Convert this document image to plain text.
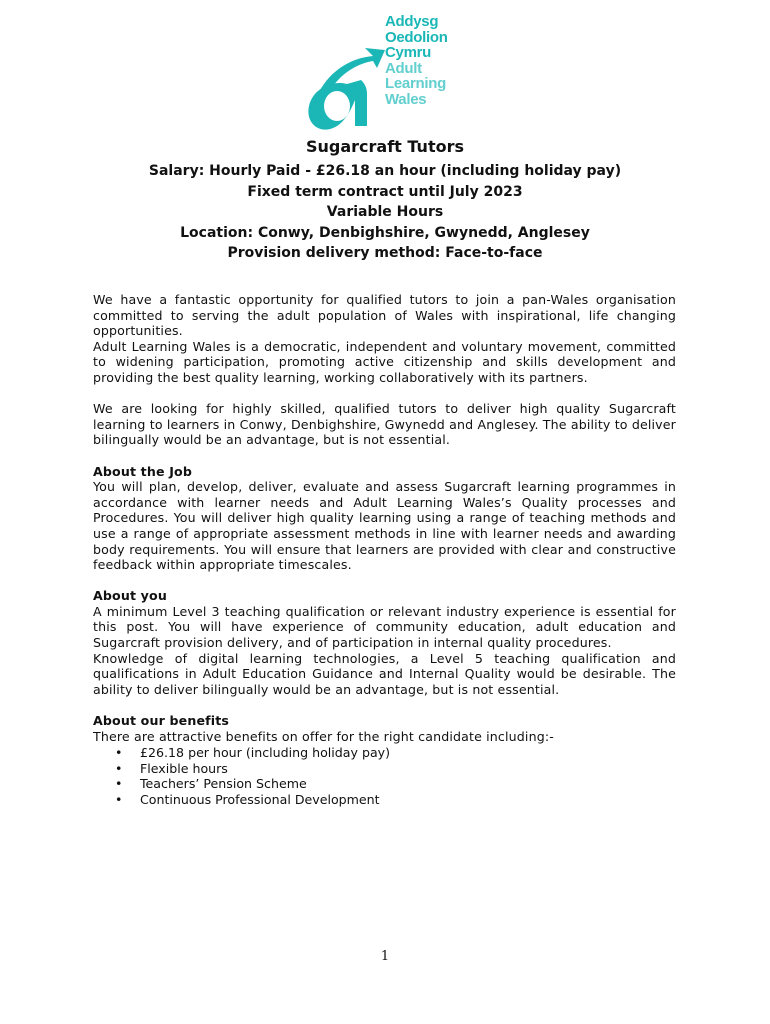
Addysg
Oedolion
Cymru
Adult
Learning
Wales
Sugarcraft Tutors
Salary: Hourly Paid - £26.18 an hour (including holiday pay)
Fixed term contract until July 2023
Variable Hours
Location: Conwy, Denbighshire, Gwynedd, Anglesey
Provision delivery method: Face-to-face

We have a fantastic opportunity for qualified tutors to join a pan-Wales organisation committed to serving the adult population of Wales with inspirational, life changing opportunities.

Adult Learning Wales is a democratic, independent and voluntary movement, committed to widening participation, promoting active citizenship and skills development and providing the best quality learning, working collaboratively with its partners.

We are looking for highly skilled, qualified tutors to deliver high quality Sugarcraft learning to learners in Conwy, Denbighshire, Gwynedd and Anglesey. The ability to deliver bilingually would be an advantage, but is not essential.

About the Job

You will plan, develop, deliver, evaluate and assess Sugarcraft learning programmes in accordance with learner needs and Adult Learning Wales’s Quality processes and Procedures. You will deliver high quality learning using a range of teaching methods and use a range of appropriate assessment methods in line with learner needs and awarding body requirements. You will ensure that learners are provided with clear and constructive feedback within appropriate timescales.

About you

A minimum Level 3 teaching qualification or relevant industry experience is essential for this post. You will have experience of community education, adult education and Sugarcraft provision delivery, and of participation in internal quality procedures.

Knowledge of digital learning technologies, a Level 5 teaching qualification and qualifications in Adult Education Guidance and Internal Quality would be desirable. The ability to deliver bilingually would be an advantage, but is not essential.

About our benefits

There are attractive benefits on offer for the right candidate including:-

• £26.18 per hour (including holiday pay)
• Flexible hours
• Teachers’ Pension Scheme
• Continuous Professional Development
1
